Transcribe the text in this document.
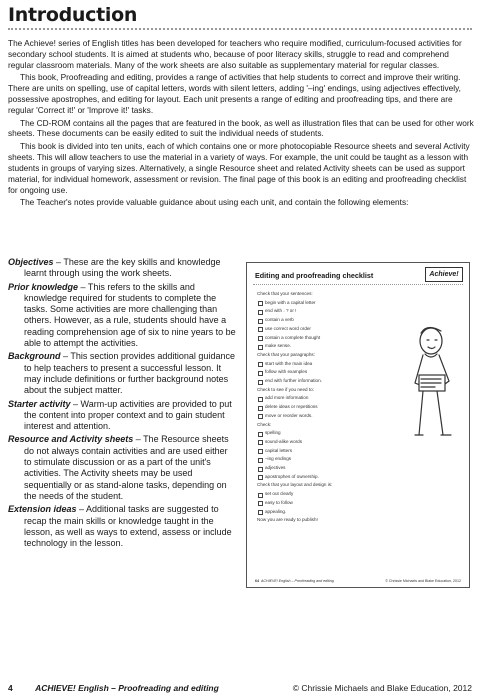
Introduction

The Achieve! series of English titles has been developed for teachers who require modified, curriculum-focused activities for secondary school students. It is aimed at students who, because of poor literacy skills, struggle to read and comprehend regular classroom materials. Many of the work sheets are also suitable as supplementary material for regular classes.

This book, Proofreading and editing, provides a range of activities that help students to correct and improve their writing. There are units on spelling, use of capital letters, words with silent letters, adding '–ing' endings, using adjectives effectively, possessive apostrophes, and editing for layout. Each unit presents a range of editing and proofreading tips, and there are regular 'Correct it!' or 'Improve it!' tasks.

The CD-ROM contains all the pages that are featured in the book, as well as illustration files that can be used for other work sheets. These documents can be easily edited to suit the individual needs of students.

This book is divided into ten units, each of which contains one or more photocopiable Resource sheets and several Activity sheets. This will allow teachers to use the material in a variety of ways. For example, the unit could be taught as a lesson with students in groups of varying sizes. Alternatively, a single Resource sheet and related Activity sheets can be used as support material, for individual homework, assessment or revision. The final page of this book is an editing and proofreading checklist for ongoing use.

The Teacher's notes provide valuable guidance about using each unit, and contain the following elements:

Objectives – These are the key skills and knowledge learnt through using the work sheets.

Prior knowledge – This refers to the skills and knowledge required for students to complete the tasks. Some activities are more challenging than others. However, as a rule, students should have a reading comprehension age of six to nine years to be able to attempt the activities.

Background – This section provides additional guidance to help teachers to present a successful lesson. It may include definitions or further background notes about the subject matter.

Starter activity – Warm-up activities are provided to put the content into proper context and to gain student interest and attention.

Resource and Activity sheets – The Resource sheets do not always contain activities and are used either to stimulate discussion or as a part of the unit's activities. The Activity sheets may be used sequentially or as stand-alone tasks, depending on the needs of the student.

Extension ideas – Additional tasks are suggested to recap the main skills or knowledge taught in the lesson, as well as ways to extend, assess or include technology in the lesson.

Editing and proofreading checklist	Achieve!

Check that your sentences:

begin with a capital letter

end with . ? or !

contain a verb

use correct word order

contain a complete thought

make sense.

Check that your paragraphs:

start with the main idea

follow with examples

end with further information.

Check to see if you need to:

add more information

delete ideas or repetitions

move or reorder words.

Check:

spelling

sound-alike words

capital letters

–ing endings

adjectives

apostrophes of ownership.

Check that your layout and design is:

set out clearly

easy to follow

appealing.

Now you are ready to publish!

64 ACHIEVE! English – Proofreading and editing	© Chrissie Michaels and Blake Education, 2012
4	ACHIEVE! English – Proofreading and editing	© Chrissie Michaels and Blake Education, 2012
